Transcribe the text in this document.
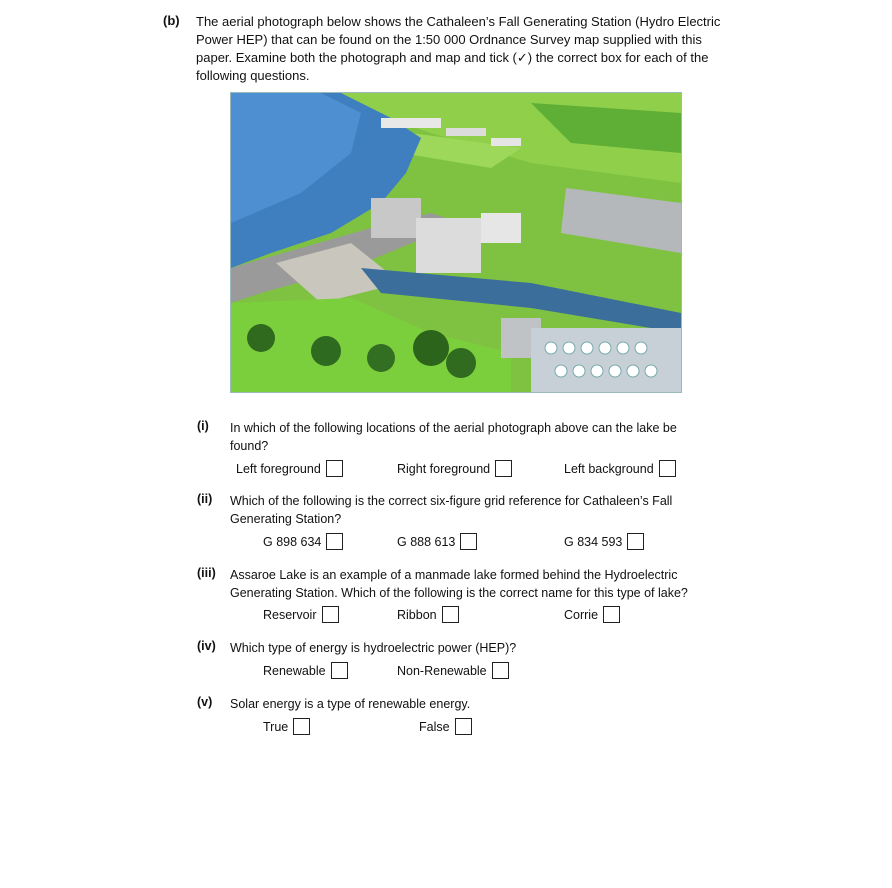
(b) The aerial photograph below shows the Cathaleen’s Fall Generating Station (Hydro Electric Power HEP) that can be found on the 1:50 000 Ordnance Survey map supplied with this paper. Examine both the photograph and map and tick (✓) the correct box for each of the following questions.
(i) In which of the following locations of the aerial photograph above can the lake be found?
Left foreground	Right foreground	Left background
(ii) Which of the following is the correct six-figure grid reference for Cathaleen’s Fall Generating Station?
G 898 634	G 888 613	G 834 593
(iii) Assaroe Lake is an example of a manmade lake formed behind the Hydroelectric Generating Station. Which of the following is the correct name for this type of lake?
Reservoir	Ribbon	Corrie
(iv) Which type of energy is hydroelectric power (HEP)?
Renewable	Non-Renewable
(v) Solar energy is a type of renewable energy.
True	False
